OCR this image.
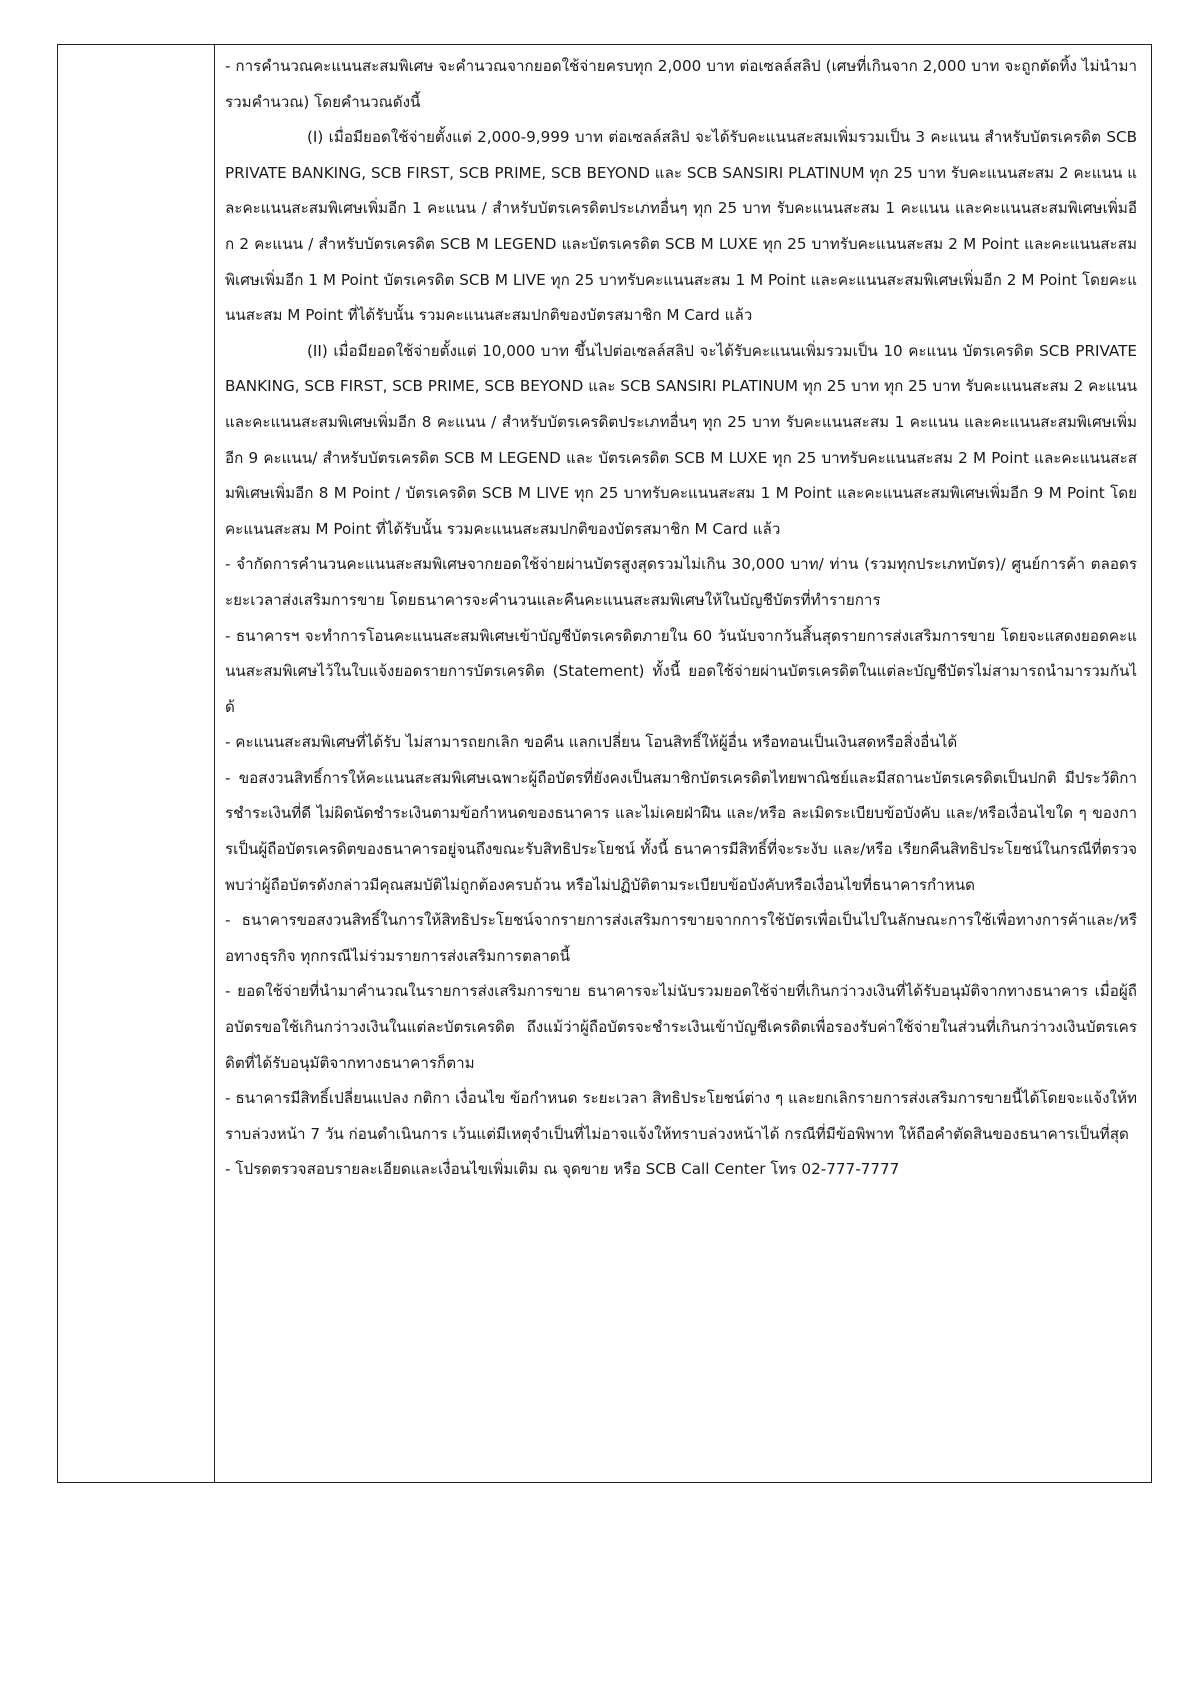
- การคำนวณคะแนนสะสมพิเศษ จะคำนวณจากยอดใช้จ่ายครบทุก 2,000 บาท ต่อเซลล์สลิป (เศษที่เกินจาก 2,000 บาท จะถูกตัดทิ้ง ไม่นำมารวมคำนวณ) โดยคำนวณดังนี้

(I) เมื่อมียอดใช้จ่ายตั้งแต่ 2,000-9,999 บาท ต่อเซลล์สลิป จะได้รับคะแนนสะสมเพิ่มรวมเป็น 3 คะแนน สำหรับบัตรเครดิต SCB PRIVATE BANKING, SCB FIRST, SCB PRIME, SCB BEYOND และ SCB SANSIRI PLATINUM ทุก 25 บาท รับคะแนนสะสม 2 คะแนน และคะแนนสะสมพิเศษเพิ่มอีก 1 คะแนน / สำหรับบัตรเครดิตประเภทอื่นๆ ทุก 25 บาท รับคะแนนสะสม 1 คะแนน และคะแนนสะสมพิเศษเพิ่มอีก 2 คะแนน / สำหรับบัตรเครดิต SCB M LEGEND และบัตรเครดิต SCB M LUXE ทุก 25 บาทรับคะแนนสะสม 2 M Point และคะแนนสะสมพิเศษเพิ่มอีก 1 M Point บัตรเครดิต SCB M LIVE ทุก 25 บาทรับคะแนนสะสม 1 M Point และคะแนนสะสมพิเศษเพิ่มอีก 2 M Point โดยคะแนนสะสม M Point ที่ได้รับนั้น รวมคะแนนสะสมปกติของบัตรสมาชิก M Card แล้ว

(II) เมื่อมียอดใช้จ่ายตั้งแต่ 10,000 บาท ขึ้นไปต่อเซลล์สลิป จะได้รับคะแนนเพิ่มรวมเป็น 10 คะแนน บัตรเครดิต SCB PRIVATE BANKING, SCB FIRST, SCB PRIME, SCB BEYOND และ SCB SANSIRI PLATINUM ทุก 25 บาท ทุก 25 บาท รับคะแนนสะสม 2 คะแนน และคะแนนสะสมพิเศษเพิ่มอีก 8 คะแนน / สำหรับบัตรเครดิตประเภทอื่นๆ ทุก 25 บาท รับคะแนนสะสม 1 คะแนน และคะแนนสะสมพิเศษเพิ่มอีก 9 คะแนน/ สำหรับบัตรเครดิต SCB M LEGEND และ บัตรเครดิต SCB M LUXE ทุก 25 บาทรับคะแนนสะสม 2 M Point และคะแนนสะสมพิเศษเพิ่มอีก 8 M Point / บัตรเครดิต SCB M LIVE ทุก 25 บาทรับคะแนนสะสม 1 M Point และคะแนนสะสมพิเศษเพิ่มอีก 9 M Point โดยคะแนนสะสม M Point ที่ได้รับนั้น รวมคะแนนสะสมปกติของบัตรสมาชิก M Card แล้ว

- จำกัดการคำนวนคะแนนสะสมพิเศษจากยอดใช้จ่ายผ่านบัตรสูงสุดรวมไม่เกิน 30,000 บาท/ ท่าน (รวมทุกประเภทบัตร)/ ศูนย์การค้า ตลอดระยะเวลาส่งเสริมการขาย โดยธนาคารจะคำนวนและคืนคะแนนสะสมพิเศษให้ในบัญชีบัตรที่ทำรายการ

- ธนาคารฯ จะทำการโอนคะแนนสะสมพิเศษเข้าบัญชีบัตรเครดิตภายใน 60 วันนับจากวันสิ้นสุดรายการส่งเสริมการขาย โดยจะแสดงยอดคะแนนสะสมพิเศษไว้ในใบแจ้งยอดรายการบัตรเครดิต (Statement) ทั้งนี้ ยอดใช้จ่ายผ่านบัตรเครดิตในแต่ละบัญชีบัตรไม่สามารถนำมารวมกันได้

- คะแนนสะสมพิเศษที่ได้รับ ไม่สามารถยกเลิก ขอคืน แลกเปลี่ยน โอนสิทธิ์ให้ผู้อื่น หรือทอนเป็นเงินสดหรือสิ่งอื่นได้

- ขอสงวนสิทธิ์การให้คะแนนสะสมพิเศษเฉพาะผู้ถือบัตรที่ยังคงเป็นสมาชิกบัตรเครดิตไทยพาณิชย์และมีสถานะบัตรเครดิตเป็นปกติ มีประวัติการชำระเงินที่ดี ไม่ผิดนัดชำระเงินตามข้อกำหนดของธนาคาร และไม่เคยฝ่าฝืน และ/หรือ ละเมิดระเบียบข้อบังคับ และ/หรือเงื่อนไขใด ๆ ของการเป็นผู้ถือบัตรเครดิตของธนาคารอยู่จนถึงขณะรับสิทธิประโยชน์ ทั้งนี้ ธนาคารมีสิทธิ์ที่จะระงับ และ/หรือ เรียกคืนสิทธิประโยชน์ในกรณีที่ตรวจพบว่าผู้ถือบัตรดังกล่าวมีคุณสมบัติไม่ถูกต้องครบถ้วน หรือไม่ปฏิบัติตามระเบียบข้อบังคับหรือเงื่อนไขที่ธนาคารกำหนด

- ธนาคารขอสงวนสิทธิ์ในการให้สิทธิประโยชน์จากรายการส่งเสริมการขายจากการใช้บัตรเพื่อเป็นไปในลักษณะการใช้เพื่อทางการค้าและ/หรือทางธุรกิจ ทุกกรณีไม่ร่วมรายการส่งเสริมการตลาดนี้

- ยอดใช้จ่ายที่นำมาคำนวณในรายการส่งเสริมการขาย ธนาคารจะไม่นับรวมยอดใช้จ่ายที่เกินกว่าวงเงินที่ได้รับอนุมัติจากทางธนาคาร เมื่อผู้ถือบัตรขอใช้เกินกว่าวงเงินในแต่ละบัตรเครดิต ถึงแม้ว่าผู้ถือบัตรจะชำระเงินเข้าบัญชีเครดิตเพื่อรองรับค่าใช้จ่ายในส่วนที่เกินกว่าวงเงินบัตรเครดิตที่ได้รับอนุมัติจากทางธนาคารก็ตาม

- ธนาคารมีสิทธิ์เปลี่ยนแปลง กติกา เงื่อนไข ข้อกำหนด ระยะเวลา สิทธิประโยชน์ต่าง ๆ และยกเลิกรายการส่งเสริมการขายนี้ได้โดยจะแจ้งให้ทราบล่วงหน้า 7 วัน ก่อนดำเนินการ เว้นแต่มีเหตุจำเป็นที่ไม่อาจแจ้งให้ทราบล่วงหน้าได้ กรณีที่มีข้อพิพาท ให้ถือคำตัดสินของธนาคารเป็นที่สุด

- โปรดตรวจสอบรายละเอียดและเงื่อนไขเพิ่มเติม ณ จุดขาย หรือ SCB Call Center โทร 02-777-7777
